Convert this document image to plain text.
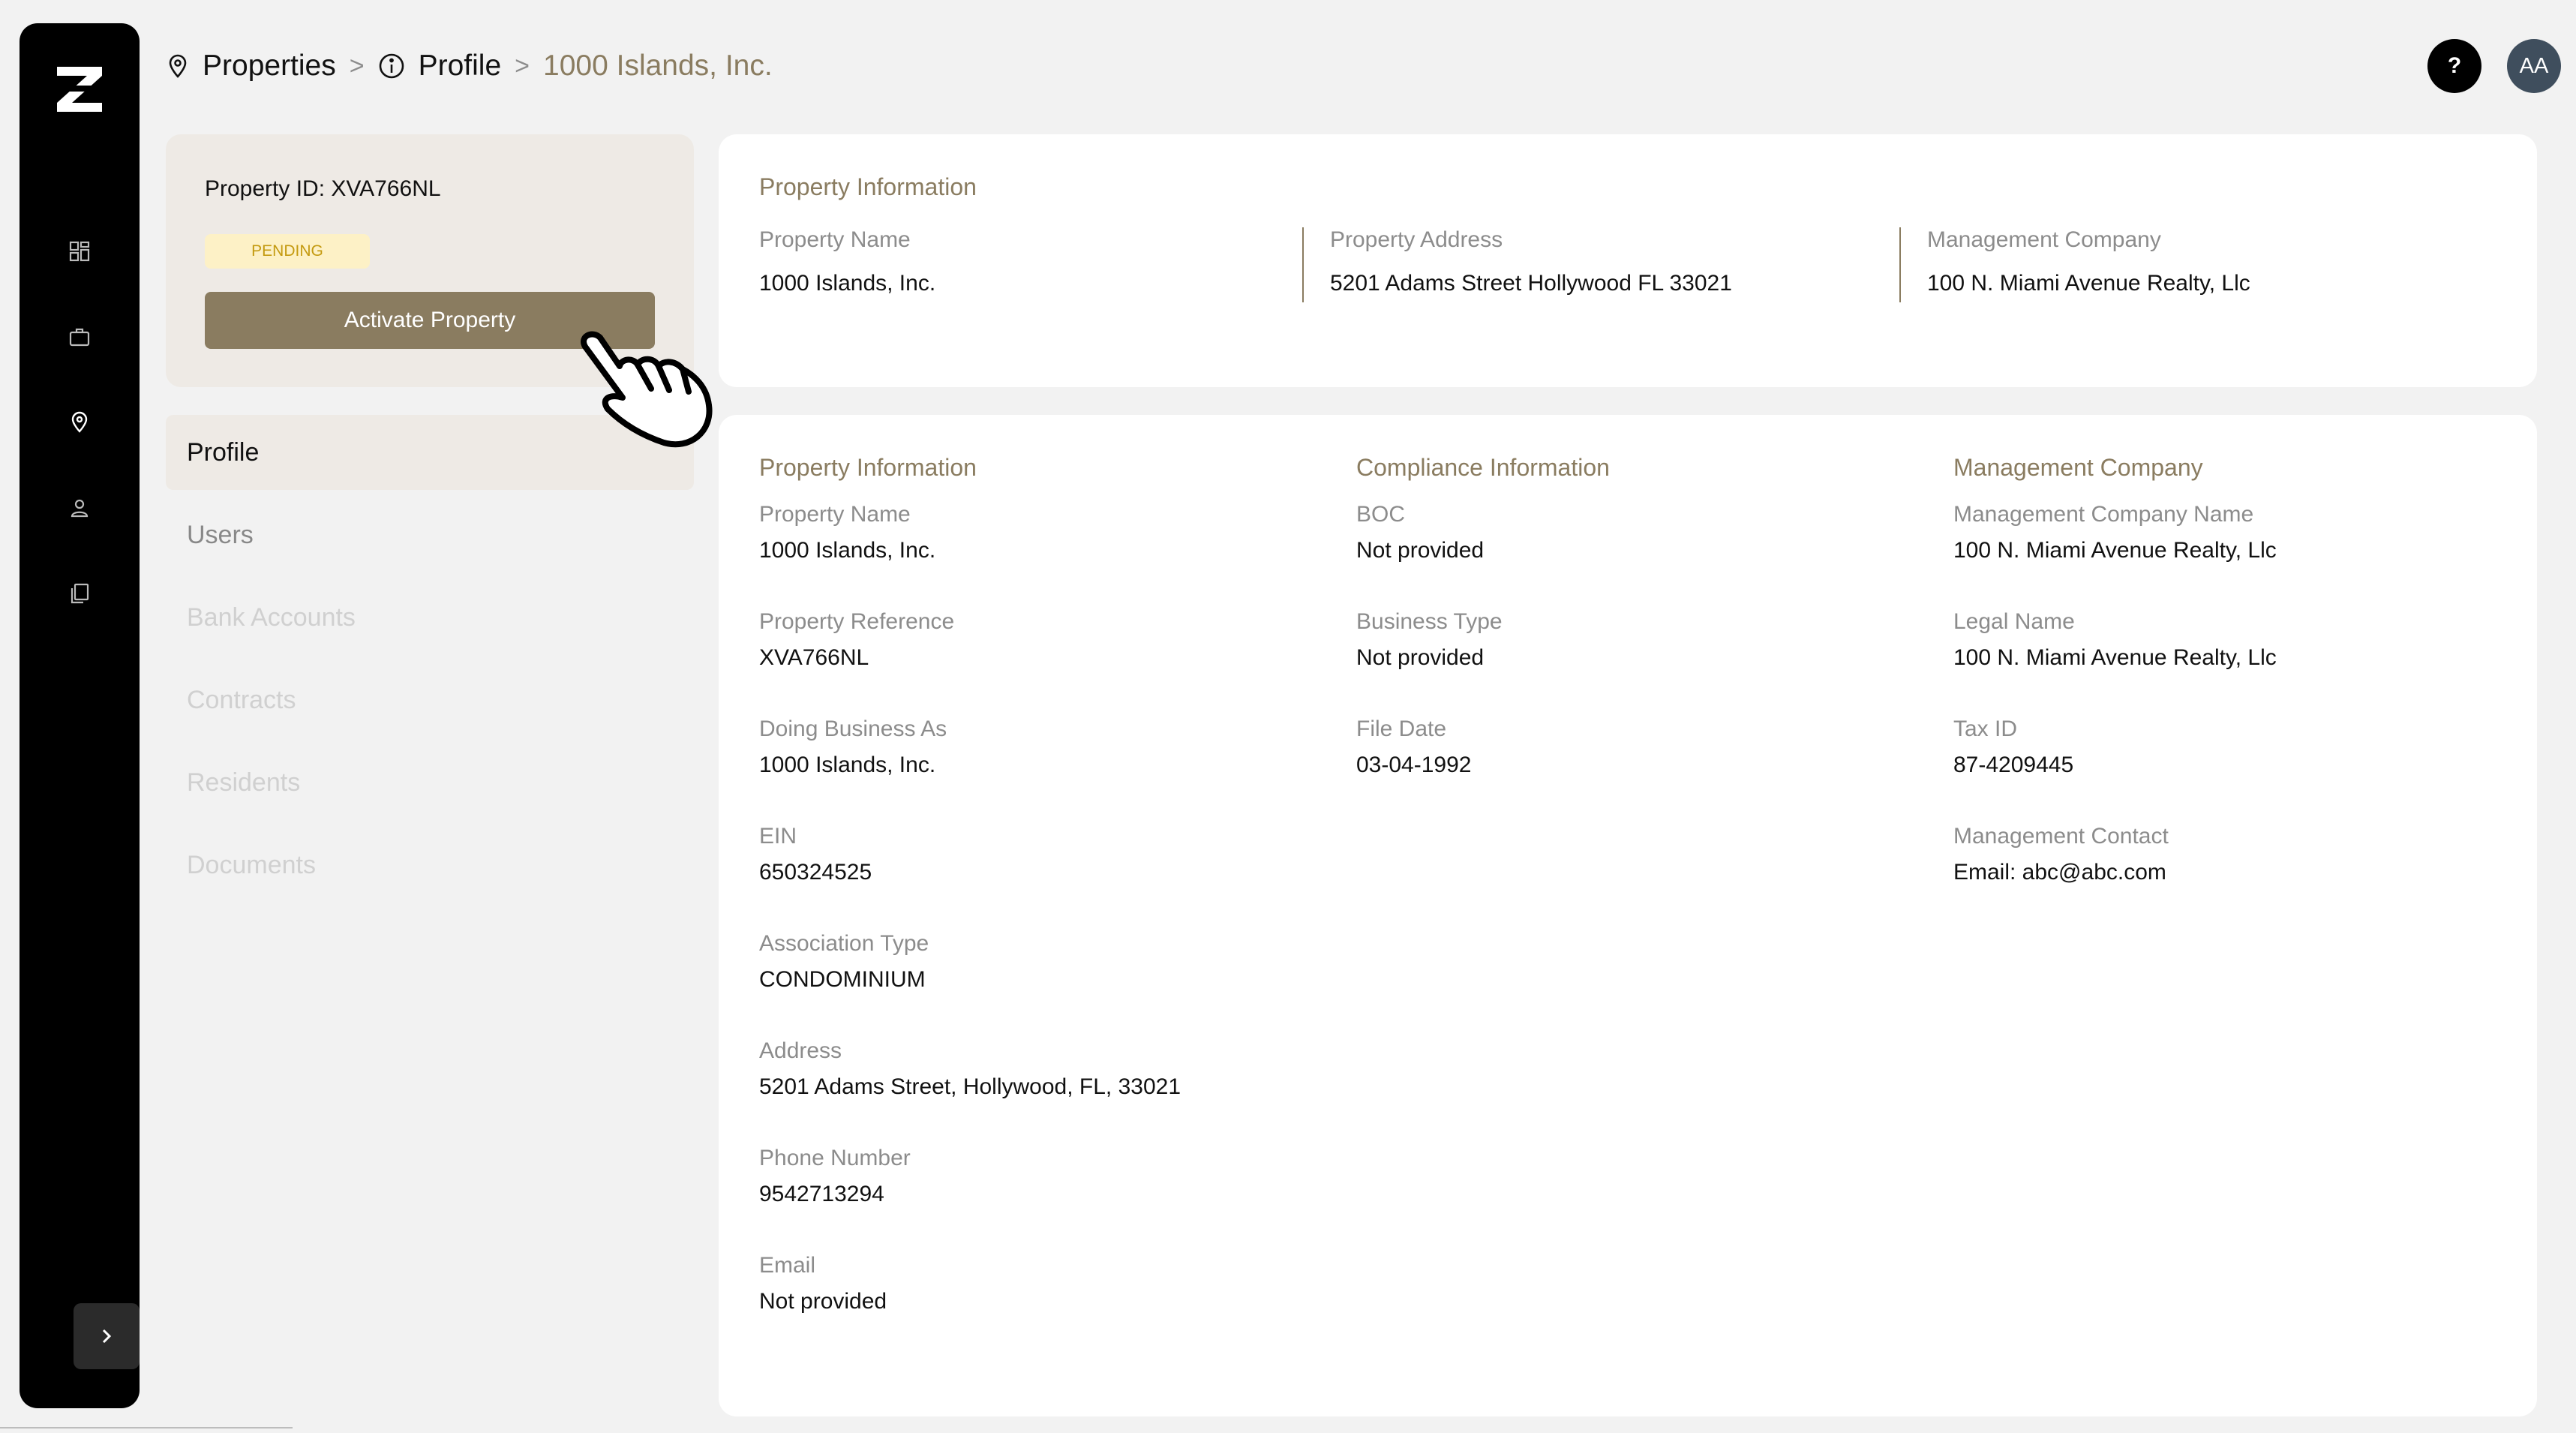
Properties > Profile > 1000 Islands, Inc.	?	AA
Property ID: XVA766NL
PENDING
Activate Property
Profile
Users
Bank Accounts
Contracts
Residents
Documents
Property Information
Property Name
1000 Islands, Inc.
Property Address
5201 Adams Street Hollywood FL 33021
Management Company
100 N. Miami Avenue Realty, Llc
Property Information
Property Name
1000 Islands, Inc.
Property Reference
XVA766NL
Doing Business As
1000 Islands, Inc.
EIN
650324525
Association Type
CONDOMINIUM
Address
5201 Adams Street, Hollywood, FL, 33021
Phone Number
9542713294
Email
Not provided
Compliance Information
BOC
Not provided
Business Type
Not provided
File Date
03-04-1992
Management Company
Management Company Name
100 N. Miami Avenue Realty, Llc
Legal Name
100 N. Miami Avenue Realty, Llc
Tax ID
87-4209445
Management Contact
Email: abc@abc.com
